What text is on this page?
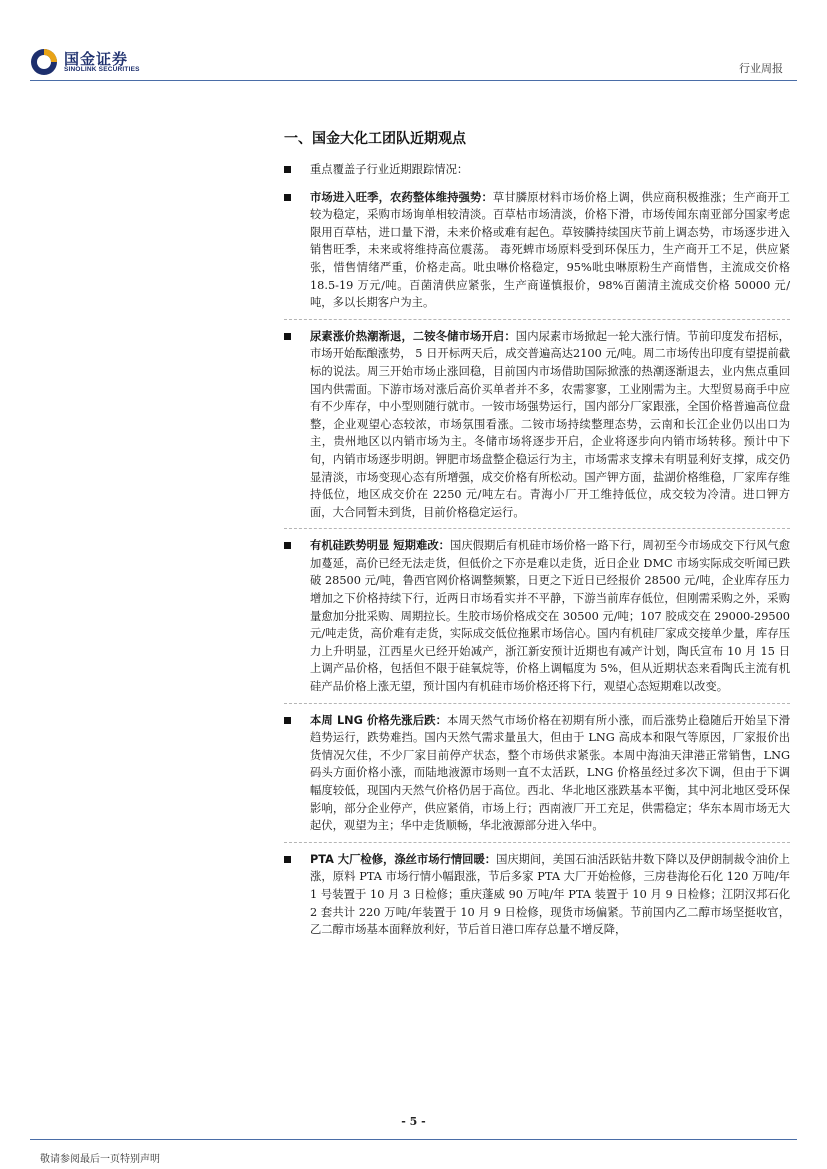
国金证券
SINOLINK SECURITIES	行业周报
一、国金大化工团队近期观点
重点覆盖子行业近期跟踪情况：
市场进入旺季，农药整体维持强势：草甘膦原材料市场价格上调，供应商积极推涨；生产商开工较为稳定，采购市场询单相较清淡。百草枯市场清淡，价格下滑，市场传闻东南亚部分国家考虑限用百草枯，进口量下滑，未来价格或难有起色。草铵膦持续国庆节前上调态势，市场逐步进入销售旺季，未来或将维持高位震荡。 毒死蜱市场原料受到环保压力，生产商开工不足，供应紧张，惜售情绪严重，价格走高。吡虫啉价格稳定，95%吡虫啉原粉生产商惜售，主流成交价格 18.5-19 万元/吨。百菌清供应紧张，生产商谨慎报价，98%百菌清主流成交价格 50000 元/吨，多以长期客户为主。
尿素涨价热潮渐退，二铵冬储市场开启：国内尿素市场掀起一轮大涨行情。节前印度发布招标，市场开始酝酿涨势， 5 日开标两天后，成交普遍高达2100 元/吨。周二市场传出印度有望提前截标的说法。周三开始市场止涨回稳，目前国内市场借助国际掀涨的热潮逐渐退去，业内焦点重回国内供需面。下游市场对涨后高价买单者并不多，农需寥寥，工业刚需为主。大型贸易商手中应有不少库存，中小型则随行就市。一铵市场强势运行，国内部分厂家跟涨，全国价格普遍高位盘整，企业观望心态较浓，市场氛围看涨。二铵市场持续整理态势，云南和长江企业仍以出口为主，贵州地区以内销市场为主。冬储市场将逐步开启，企业将逐步向内销市场转移。预计中下旬，内销市场逐步明朗。钾肥市场盘整企稳运行为主，市场需求支撑未有明显利好支撑，成交仍显清淡，市场变现心态有所增强，成交价格有所松动。国产钾方面，盐湖价格维稳，厂家库存维持低位，地区成交价在 2250 元/吨左右。青海小厂开工维持低位，成交较为冷清。进口钾方面，大合同暂未到货，目前价格稳定运行。
有机硅跌势明显 短期难改：国庆假期后有机硅市场价格一路下行，周初至今市场成交下行风气愈加蔓延，高价已经无法走货，但低价之下亦是难以走货，近日企业 DMC 市场实际成交听闻已跌破 28500 元/吨，鲁西官网价格调整频繁，日更之下近日已经报价 28500 元/吨，企业库存压力增加之下价格持续下行，近两日市场看实并不平静，下游当前库存低位，但刚需采购之外，采购量愈加分批采购、周期拉长。生胶市场价格成交在 30500 元/吨；107 胶成交在 29000-29500 元/吨走货，高价难有走货，实际成交低位拖累市场信心。国内有机硅厂家成交接单少量，库存压力上升明显，江西星火已经开始减产，浙江新安预计近期也有减产计划，陶氏宣布 10 月 15 日上调产品价格，包括但不限于硅氧烷等，价格上调幅度为 5%，但从近期状态来看陶氏主流有机硅产品价格上涨无望，预计国内有机硅市场价格还将下行，观望心态短期难以改变。
本周 LNG 价格先涨后跌：本周天然气市场价格在初期有所小涨，而后涨势止稳随后开始呈下滑趋势运行，跌势难挡。国内天然气需求量虽大，但由于 LNG 高成本和限气等原因，厂家报价出货情况欠佳，不少厂家目前停产状态，整个市场供求紧张。本周中海油天津港正常销售，LNG 码头方面价格小涨，而陆地液源市场则一直不太活跃，LNG 价格虽经过多次下调，但由于下调幅度较低，现国内天然气价格仍居于高位。西北、华北地区涨跌基本平衡，其中河北地区受环保影响，部分企业停产，供应紧俏，市场上行；西南液厂开工充足，供需稳定；华东本周市场无大起伏，观望为主；华中走货顺畅，华北液源部分进入华中。
PTA 大厂检修，涤丝市场行情回暖：国庆期间，美国石油活跃钻井数下降以及伊朗制裁令油价上涨，原料 PTA 市场行情小幅跟涨，节后多家 PTA 大厂开始检修，三房巷海伦石化 120 万吨/年 1 号装置于 10 月 3 日检修；重庆蓬威 90 万吨/年 PTA 装置于 10 月 9 日检修；江阴汉邦石化 2 套共计 220 万吨/年装置于 10 月 9 日检修，现货市场偏紧。节前国内乙二醇市场坚挺收官，乙二醇市场基本面释放利好，节后首日港口库存总量不增反降，
- 5 -
敬请参阅最后一页特别声明
